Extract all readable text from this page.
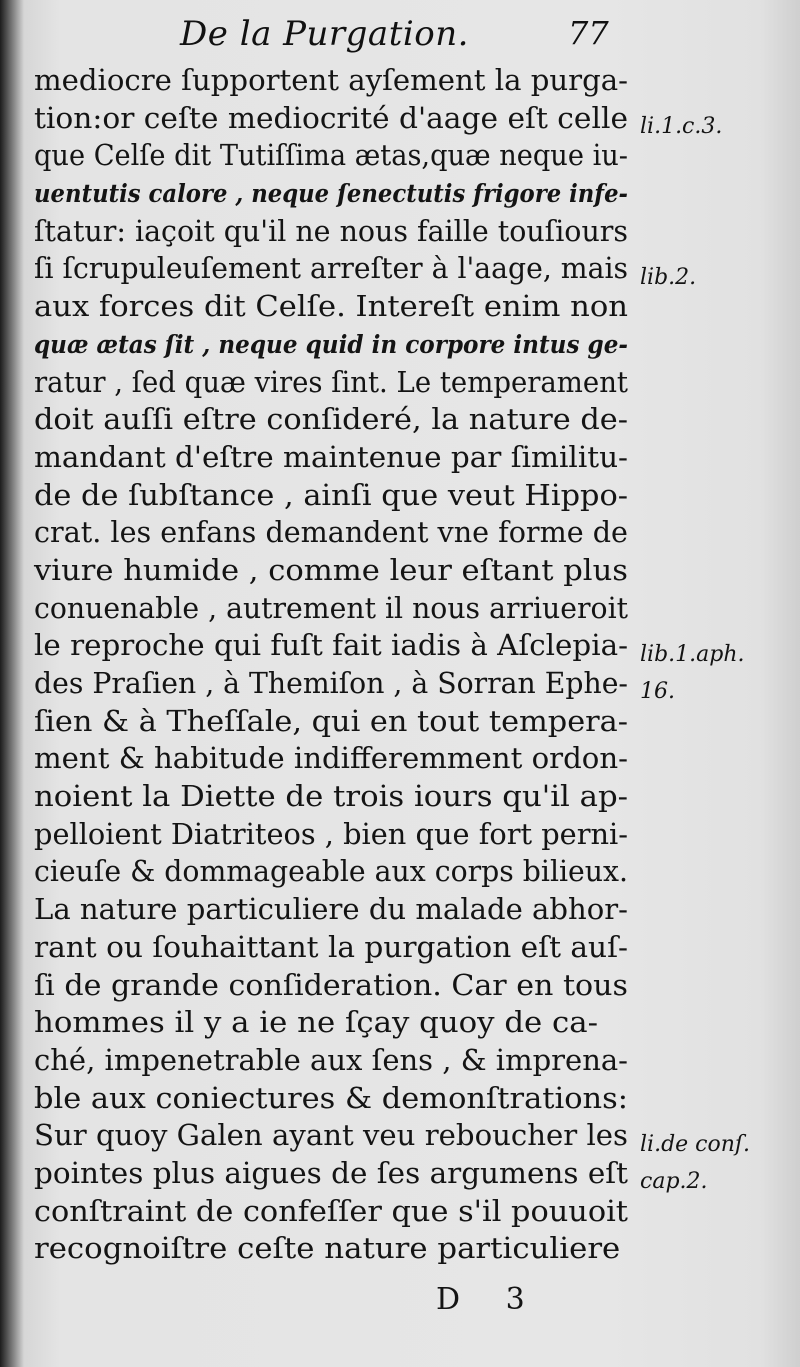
De la Purgation.	77
mediocre ſupportent ayſement la purga-
tion:or ceſte mediocrité d'aage eſt celle
que Celſe dit Tutiſſima ætas,quæ neque iu-
uentutis calore , neque ſenectutis frigore infe-
ſtatur: iaçoit qu'il ne nous faille touſiours
ſi ſcrupuleuſement arreſter à l'aage, mais
aux forces dit Celſe. Intereſt enim non
quæ ætas ſit , neque quid in corpore intus ge-
ratur , ſed quæ vires ſint. Le temperament
doit auſſi eſtre conſideré, la nature de-
mandant d'eſtre maintenue par ſimilitu-
de de ſubſtance , ainſi que veut Hippo-
crat. les enfans demandent vne forme de
viure humide , comme leur eſtant plus
conuenable , autrement il nous arriueroit
le reproche qui fuſt fait iadis à Aſclepia-
des Praſien , à Themiſon , à Sorran Ephe-
ſien & à Theſſale, qui en tout tempera-
ment & habitude indifferemment ordon-
noient la Diette de trois iours qu'il ap-
pelloient Diatriteos , bien que fort perni-
cieuſe & dommageable aux corps bilieux.
La nature particuliere du malade abhor-
rant ou ſouhaittant la purgation eſt auſ-
ſi de grande conſideration. Car en tous
hommes il y a ie ne ſçay quoy de ca-
ché, impenetrable aux ſens , & imprena-
ble aux coniectures & demonſtrations:
Sur quoy Galen ayant veu reboucher les
pointes plus aigues de ſes argumens eſt
conſtraint de confeſſer que s'il pouuoit
recognoiſtre ceſte nature particuliere
li.1.c.3.
lib.2.
lib.1.aph.
16.
li.de conſ.
cap.2.
D 3
